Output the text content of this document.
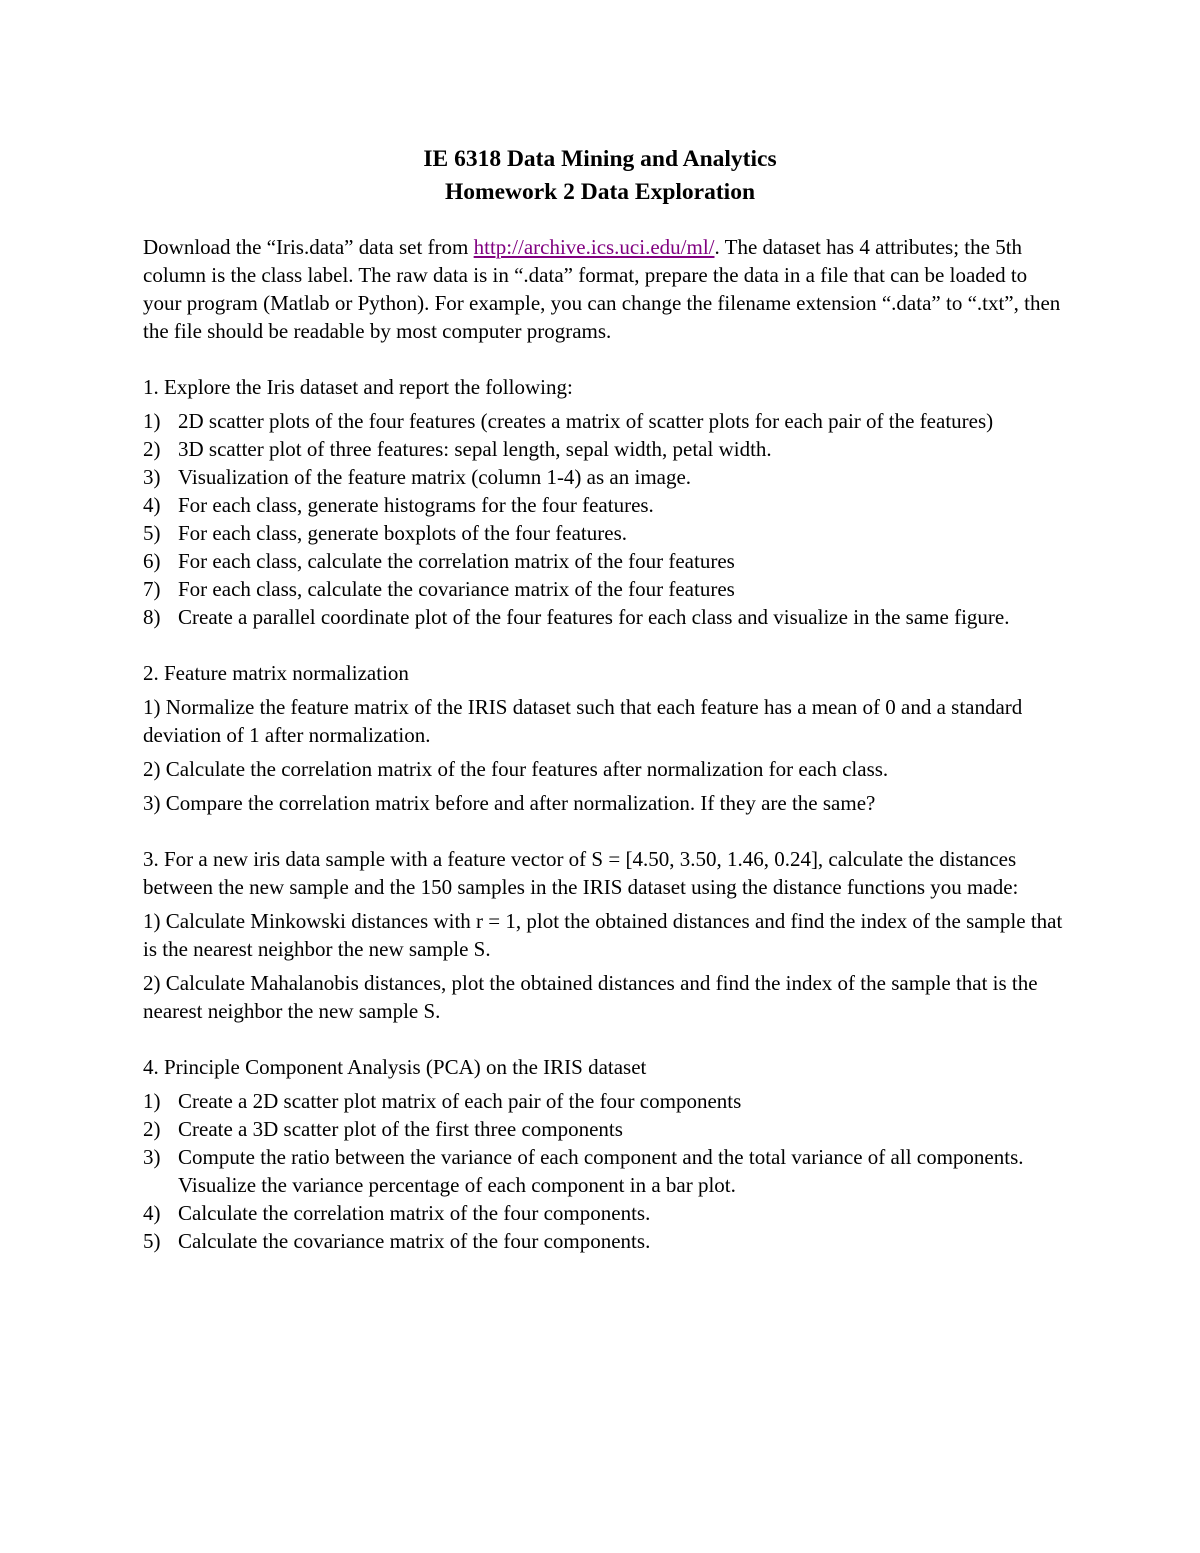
IE 6318 Data Mining and Analytics
Homework 2 Data Exploration

Download the “Iris.data” data set from http://archive.ics.uci.edu/ml/. The dataset has 4 attributes; the 5th column is the class label. The raw data is in “.data” format, prepare the data in a file that can be loaded to your program (Matlab or Python). For example, you can change the filename extension “.data” to “.txt”, then the file should be readable by most computer programs.

1. Explore the Iris dataset and report the following:

1) 2D scatter plots of the four features (creates a matrix of scatter plots for each pair of the features)
2) 3D scatter plot of three features: sepal length, sepal width, petal width.
3) Visualization of the feature matrix (column 1-4) as an image.
4) For each class, generate histograms for the four features.
5) For each class, generate boxplots of the four features.
6) For each class, calculate the correlation matrix of the four features
7) For each class, calculate the covariance matrix of the four features
8) Create a parallel coordinate plot of the four features for each class and visualize in the same figure.

2. Feature matrix normalization

1) Normalize the feature matrix of the IRIS dataset such that each feature has a mean of 0 and a standard deviation of 1 after normalization.
2) Calculate the correlation matrix of the four features after normalization for each class.
3) Compare the correlation matrix before and after normalization. If they are the same?

3. For a new iris data sample with a feature vector of S = [4.50, 3.50, 1.46, 0.24], calculate the distances between the new sample and the 150 samples in the IRIS dataset using the distance functions you made:

1) Calculate Minkowski distances with r = 1, plot the obtained distances and find the index of the sample that is the nearest neighbor the new sample S.
2) Calculate Mahalanobis distances, plot the obtained distances and find the index of the sample that is the nearest neighbor the new sample S.

4. Principle Component Analysis (PCA) on the IRIS dataset

1) Create a 2D scatter plot matrix of each pair of the four components
2) Create a 3D scatter plot of the first three components
3) Compute the ratio between the variance of each component and the total variance of all components. Visualize the variance percentage of each component in a bar plot.
4) Calculate the correlation matrix of the four components.
5) Calculate the covariance matrix of the four components.
